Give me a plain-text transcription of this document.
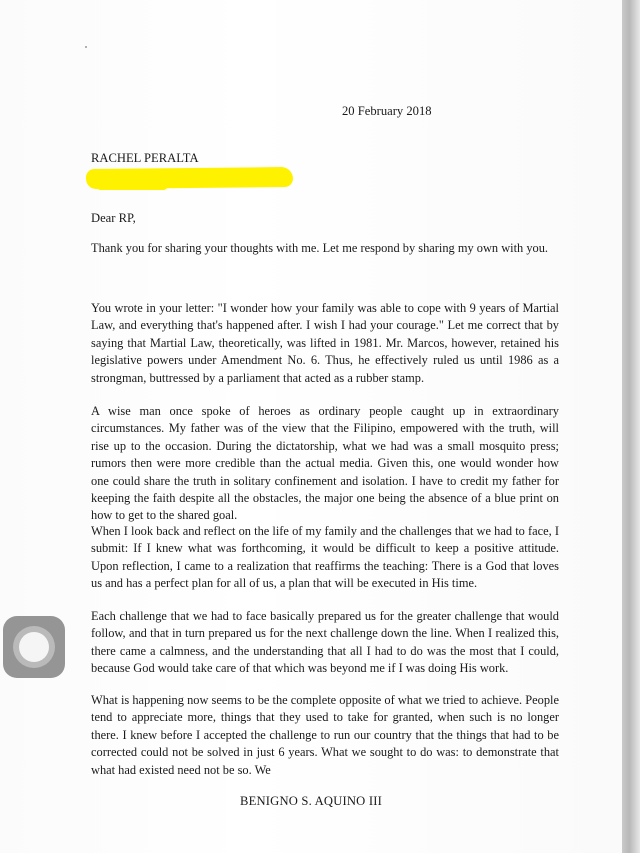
20 February 2018
RACHEL PERALTA
Dear RP,

Thank you for sharing your thoughts with me. Let me respond by sharing my own with you.

You wrote in your letter: "I wonder how your family was able to cope with 9 years of Martial Law, and everything that's happened after. I wish I had your courage." Let me correct that by saying that Martial Law, theoretically, was lifted in 1981. Mr. Marcos, however, retained his legislative powers under Amendment No. 6. Thus, he effectively ruled us until 1986 as a strongman, buttressed by a parliament that acted as a rubber stamp.

A wise man once spoke of heroes as ordinary people caught up in extraordinary circumstances. My father was of the view that the Filipino, empowered with the truth, will rise up to the occasion. During the dictatorship, what we had was a small mosquito press; rumors then were more credible than the actual media. Given this, one would wonder how one could share the truth in solitary confinement and isolation. I have to credit my father for keeping the faith despite all the obstacles, the major one being the absence of a blue print on how to get to the shared goal.

When I look back and reflect on the life of my family and the challenges that we had to face, I submit: If I knew what was forthcoming, it would be difficult to keep a positive attitude. Upon reflection, I came to a realization that reaffirms the teaching: There is a God that loves us and has a perfect plan for all of us, a plan that will be executed in His time.

Each challenge that we had to face basically prepared us for the greater challenge that would follow, and that in turn prepared us for the next challenge down the line. When I realized this, there came a calmness, and the understanding that all I had to do was the most that I could, because God would take care of that which was beyond me if I was doing His work.

What is happening now seems to be the complete opposite of what we tried to achieve. People tend to appreciate more, things that they used to take for granted, when such is no longer there. I knew before I accepted the challenge to run our country that the things that had to be corrected could not be solved in just 6 years. What we sought to do was: to demonstrate that what had existed need not be so. We

BENIGNO S. AQUINO III
